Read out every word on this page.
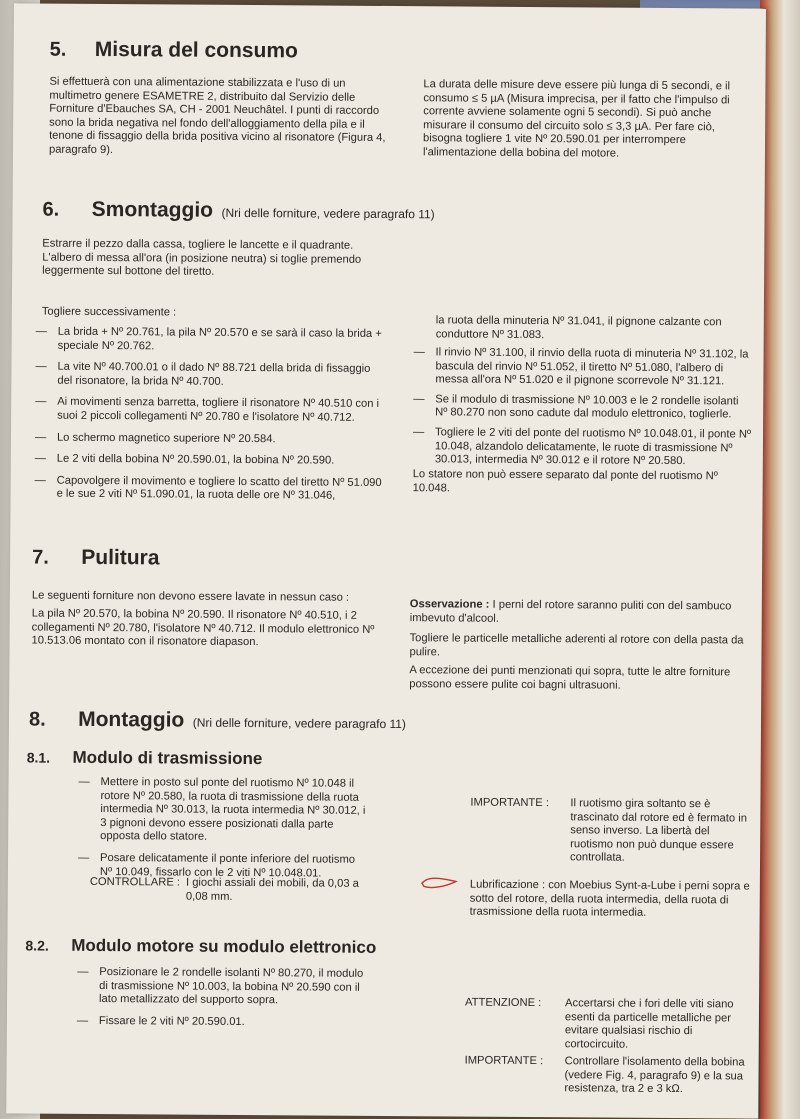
5. Misura del consumo

Si effettuerà con una alimentazione stabilizzata e l'uso di un multimetro genere ESAMETRE 2, distribuito dal Servizio delle Forniture d'Ebauches SA, CH - 2001 Neuchâtel. I punti di raccordo sono la brida negativa nel fondo dell'alloggiamento della pila e il tenone di fissaggio della brida positiva vicino al risonatore (Figura 4, paragrafo 9).

La durata delle misure deve essere più lunga di 5 secondi, e il consumo ≤ 5 µA (Misura imprecisa, per il fatto che l'impulso di corrente avviene solamente ogni 5 secondi). Si può anche misurare il consumo del circuito solo ≤ 3,3 µA. Per fare ciò, bisogna togliere 1 vite Nº 20.590.01 per interrompere l'alimentazione della bobina del motore.

6. Smontaggio (Nri delle forniture, vedere paragrafo 11)

Estrarre il pezzo dalla cassa, togliere le lancette e il quadrante. L'albero di messa all'ora (in posizione neutra) si toglie premendo leggermente sul bottone del tiretto.

Togliere successivamente :

— La brida + Nº 20.761, la pila Nº 20.570 e se sarà il caso la brida + speciale Nº 20.762.
— La vite Nº 40.700.01 o il dado Nº 88.721 della brida di fissaggio del risonatore, la brida Nº 40.700.
— Ai movimenti senza barretta, togliere il risonatore Nº 40.510 con i suoi 2 piccoli collegamenti Nº 20.780 e l'isolatore Nº 40.712.
— Lo schermo magnetico superiore Nº 20.584.
— Le 2 viti della bobina Nº 20.590.01, la bobina Nº 20.590.
— Capovolgere il movimento e togliere lo scatto del tiretto Nº 51.090 e le sue 2 viti Nº 51.090.01, la ruota delle ore Nº 31.046,

la ruota della minuteria Nº 31.041, il pignone calzante con conduttore Nº 31.083.

— Il rinvio Nº 31.100, il rinvio della ruota di minuteria Nº 31.102, la bascula del rinvio Nº 51.052, il tiretto Nº 51.080, l'albero di messa all'ora Nº 51.020 e il pignone scorrevole Nº 31.121.
— Se il modulo di trasmissione Nº 10.003 e le 2 rondelle isolanti Nº 80.270 non sono cadute dal modulo elettronico, toglierle.
— Togliere le 2 viti del ponte del ruotismo Nº 10.048.01, il ponte Nº 10.048, alzandolo delicatamente, le ruote di trasmissione Nº 30.013, intermedia Nº 30.012 e il rotore Nº 20.580.

Lo statore non può essere separato dal ponte del ruotismo Nº 10.048.

7. Pulitura

Le seguenti forniture non devono essere lavate in nessun caso :

La pila Nº 20.570, la bobina Nº 20.590. Il risonatore Nº 40.510, i 2 collegamenti Nº 20.780, l'isolatore Nº 40.712. Il modulo elettronico Nº 10.513.06 montato con il risonatore diapason.

Osservazione : I perni del rotore saranno puliti con del sambuco imbevuto d'alcool.

Togliere le particelle metalliche aderenti al rotore con della pasta da pulire.

A eccezione dei punti menzionati qui sopra, tutte le altre forniture possono essere pulite coi bagni ultrasuoni.

8. Montaggio (Nri delle forniture, vedere paragrafo 11)
8.1. Modulo di trasmissione
— Mettere in posto sul ponte del ruotismo Nº 10.048 il rotore Nº 20.580, la ruota di trasmissione della ruota intermedia Nº 30.013, la ruota intermedia Nº 30.012, i 3 pignoni devono essere posizionati dalla parte opposta dello statore.
— Posare delicatamente il ponte inferiore del ruotismo Nº 10.049, fissarlo con le 2 viti Nº 10.048.01.
CONTROLLARE : I giochi assiali dei mobili, da 0,03 a 0,08 mm.
IMPORTANTE :	Il ruotismo gira soltanto se è trascinato dal rotore ed è fermato in senso inverso. La libertà del ruotismo non può dunque essere controllata.

Lubrificazione : con Moebius Synt-a-Lube i perni sopra e sotto del rotore, della ruota intermedia, della ruota di trasmissione della ruota intermedia.

8.2. Modulo motore su modulo elettronico
— Posizionare le 2 rondelle isolanti Nº 80.270, il modulo di trasmissione Nº 10.003, la bobina Nº 20.590 con il lato metallizzato del supporto sopra.
— Fissare le 2 viti Nº 20.590.01.
ATTENZIONE :	Accertarsi che i fori delle viti siano esenti da particelle metalliche per evitare qualsiasi rischio di cortocircuito.
IMPORTANTE :	Controllare l'isolamento della bobina (vedere Fig. 4, paragrafo 9) e la sua resistenza, tra 2 e 3 kΩ.
